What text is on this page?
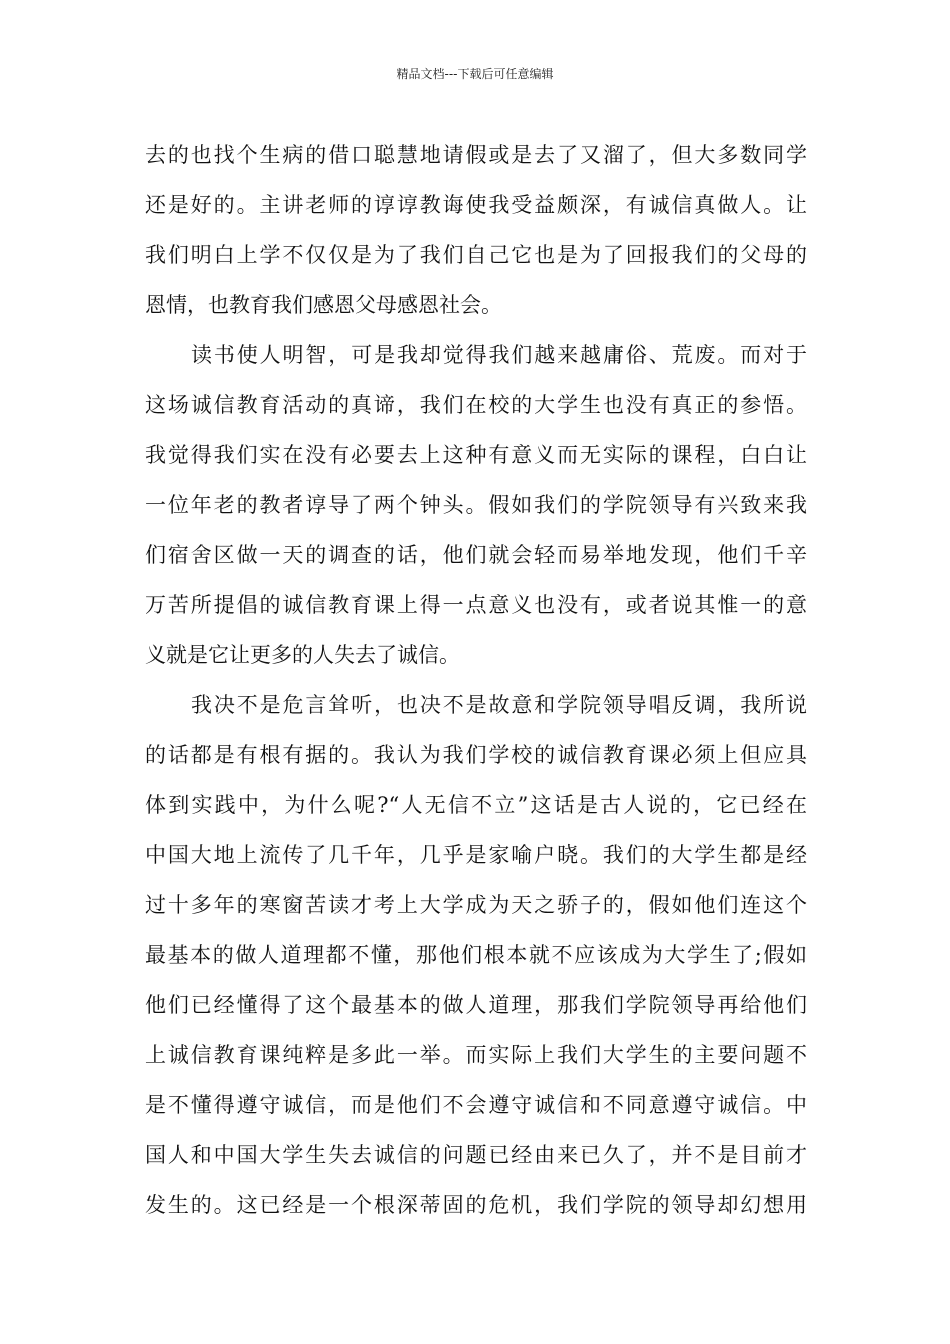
精品文档---下载后可任意编辑
去的也找个生病的借口聪慧地请假或是去了又溜了，但大多数同学
还是好的。主讲老师的谆谆教诲使我受益颇深，有诚信真做人。让
我们明白上学不仅仅是为了我们自己它也是为了回报我们的父母的
恩情，也教育我们感恩父母感恩社会。
读书使人明智，可是我却觉得我们越来越庸俗、荒废。而对于
这场诚信教育活动的真谛，我们在校的大学生也没有真正的参悟。
我觉得我们实在没有必要去上这种有意义而无实际的课程，白白让
一位年老的教者谆导了两个钟头。假如我们的学院领导有兴致来我
们宿舍区做一天的调查的话，他们就会轻而易举地发现，他们千辛
万苦所提倡的诚信教育课上得一点意义也没有，或者说其惟一的意
义就是它让更多的人失去了诚信。
我决不是危言耸听，也决不是故意和学院领导唱反调，我所说
的话都是有根有据的。我认为我们学校的诚信教育课必须上但应具
体到实践中，为什么呢?“人无信不立”这话是古人说的，它已经在
中国大地上流传了几千年，几乎是家喻户晓。我们的大学生都是经
过十多年的寒窗苦读才考上大学成为天之骄子的，假如他们连这个
最基本的做人道理都不懂，那他们根本就不应该成为大学生了;假如
他们已经懂得了这个最基本的做人道理，那我们学院领导再给他们
上诚信教育课纯粹是多此一举。而实际上我们大学生的主要问题不
是不懂得遵守诚信，而是他们不会遵守诚信和不同意遵守诚信。中
国人和中国大学生失去诚信的问题已经由来已久了，并不是目前才
发生的。这已经是一个根深蒂固的危机，我们学院的领导却幻想用
